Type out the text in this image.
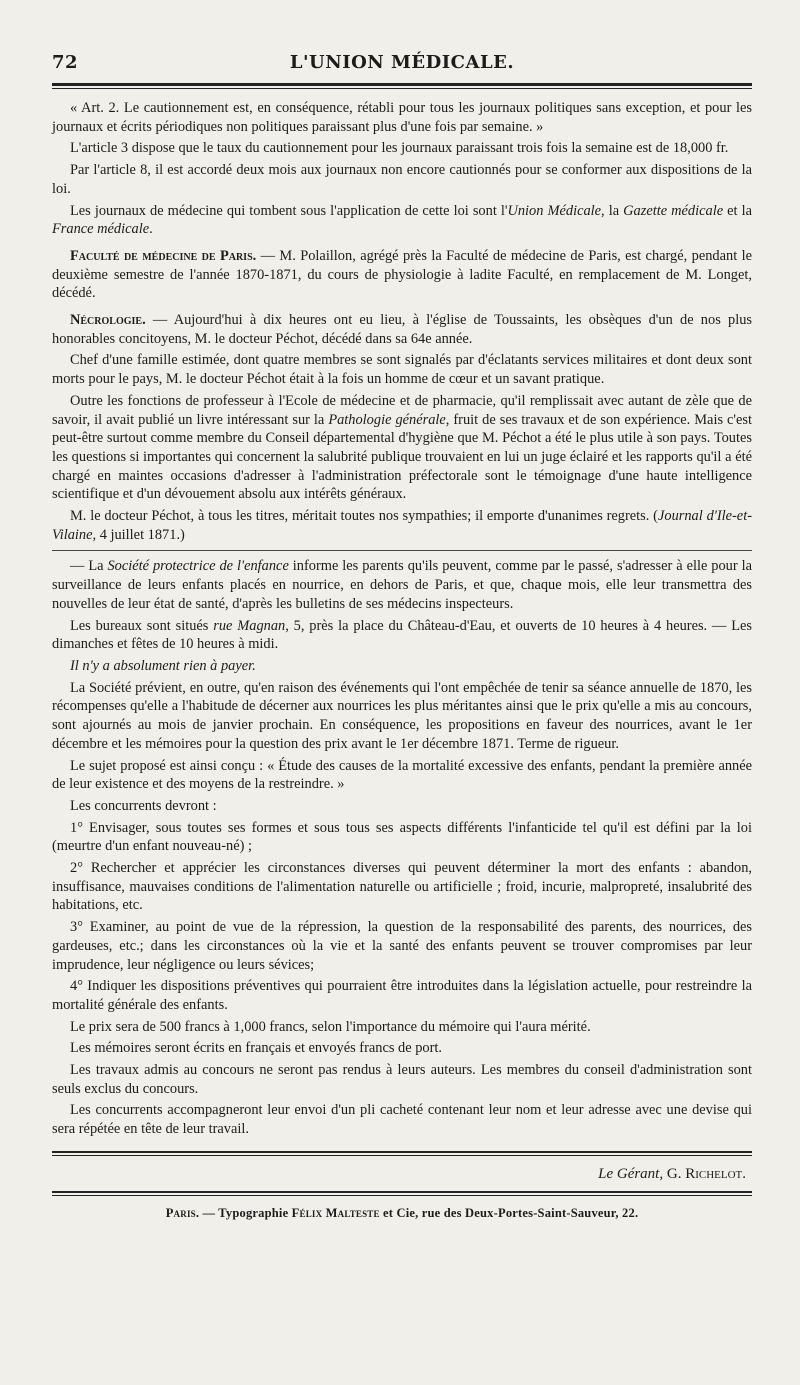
72	L'UNION MÉDICALE.

« Art. 2. Le cautionnement est, en conséquence, rétabli pour tous les journaux politiques sans exception, et pour les journaux et écrits périodiques non politiques paraissant plus d'une fois par semaine. »

L'article 3 dispose que le taux du cautionnement pour les journaux paraissant trois fois la semaine est de 18,000 fr.

Par l'article 8, il est accordé deux mois aux journaux non encore cautionnés pour se conformer aux dispositions de la loi.

Les journaux de médecine qui tombent sous l'application de cette loi sont l'Union Médicale, la Gazette médicale et la France médicale.

Faculté de médecine de Paris. — M. Polaillon, agrégé près la Faculté de médecine de Paris, est chargé, pendant le deuxième semestre de l'année 1870-1871, du cours de physiologie à ladite Faculté, en remplacement de M. Longet, décédé.

Nécrologie. — Aujourd'hui à dix heures ont eu lieu, à l'église de Toussaints, les obsèques d'un de nos plus honorables concitoyens, M. le docteur Péchot, décédé dans sa 64e année.

Chef d'une famille estimée, dont quatre membres se sont signalés par d'éclatants services militaires et dont deux sont morts pour le pays, M. le docteur Péchot était à la fois un homme de cœur et un savant pratique.

Outre les fonctions de professeur à l'Ecole de médecine et de pharmacie, qu'il remplissait avec autant de zèle que de savoir, il avait publié un livre intéressant sur la Pathologie générale, fruit de ses travaux et de son expérience. Mais c'est peut-être surtout comme membre du Conseil départemental d'hygiène que M. Péchot a été le plus utile à son pays. Toutes les questions si importantes qui concernent la salubrité publique trouvaient en lui un juge éclairé et les rapports qu'il a été chargé en maintes occasions d'adresser à l'administration préfectorale sont le témoignage d'une haute intelligence scientifique et d'un dévouement absolu aux intérêts généraux.

M. le docteur Péchot, à tous les titres, méritait toutes nos sympathies; il emporte d'unanimes regrets. (Journal d'Ile-et-Vilaine, 4 juillet 1871.)

— La Société protectrice de l'enfance informe les parents qu'ils peuvent, comme par le passé, s'adresser à elle pour la surveillance de leurs enfants placés en nourrice, en dehors de Paris, et que, chaque mois, elle leur transmettra des nouvelles de leur état de santé, d'après les bulletins de ses médecins inspecteurs.

Les bureaux sont situés rue Magnan, 5, près la place du Château-d'Eau, et ouverts de 10 heures à 4 heures. — Les dimanches et fêtes de 10 heures à midi.

Il n'y a absolument rien à payer.

La Société prévient, en outre, qu'en raison des événements qui l'ont empêchée de tenir sa séance annuelle de 1870, les récompenses qu'elle a l'habitude de décerner aux nourrices les plus méritantes ainsi que le prix qu'elle a mis au concours, sont ajournés au mois de janvier prochain. En conséquence, les propositions en faveur des nourrices, avant le 1er décembre et les mémoires pour la question des prix avant le 1er décembre 1871. Terme de rigueur.

Le sujet proposé est ainsi conçu : « Étude des causes de la mortalité excessive des enfants, pendant la première année de leur existence et des moyens de la restreindre. »

Les concurrents devront :

1° Envisager, sous toutes ses formes et sous tous ses aspects différents l'infanticide tel qu'il est défini par la loi (meurtre d'un enfant nouveau-né) ;

2° Rechercher et apprécier les circonstances diverses qui peuvent déterminer la mort des enfants : abandon, insuffisance, mauvaises conditions de l'alimentation naturelle ou artificielle ; froid, incurie, malpropreté, insalubrité des habitations, etc.

3° Examiner, au point de vue de la répression, la question de la responsabilité des parents, des nourrices, des gardeuses, etc.; dans les circonstances où la vie et la santé des enfants peuvent se trouver compromises par leur imprudence, leur négligence ou leurs sévices;

4° Indiquer les dispositions préventives qui pourraient être introduites dans la législation actuelle, pour restreindre la mortalité générale des enfants.

Le prix sera de 500 francs à 1,000 francs, selon l'importance du mémoire qui l'aura mérité.

Les mémoires seront écrits en français et envoyés francs de port.

Les travaux admis au concours ne seront pas rendus à leurs auteurs. Les membres du conseil d'administration sont seuls exclus du concours.

Les concurrents accompagneront leur envoi d'un pli cacheté contenant leur nom et leur adresse avec une devise qui sera répétée en tête de leur travail.

Le Gérant, G. Richelot.
Paris. — Typographie Félix Malteste et Cie, rue des Deux-Portes-Saint-Sauveur, 22.
